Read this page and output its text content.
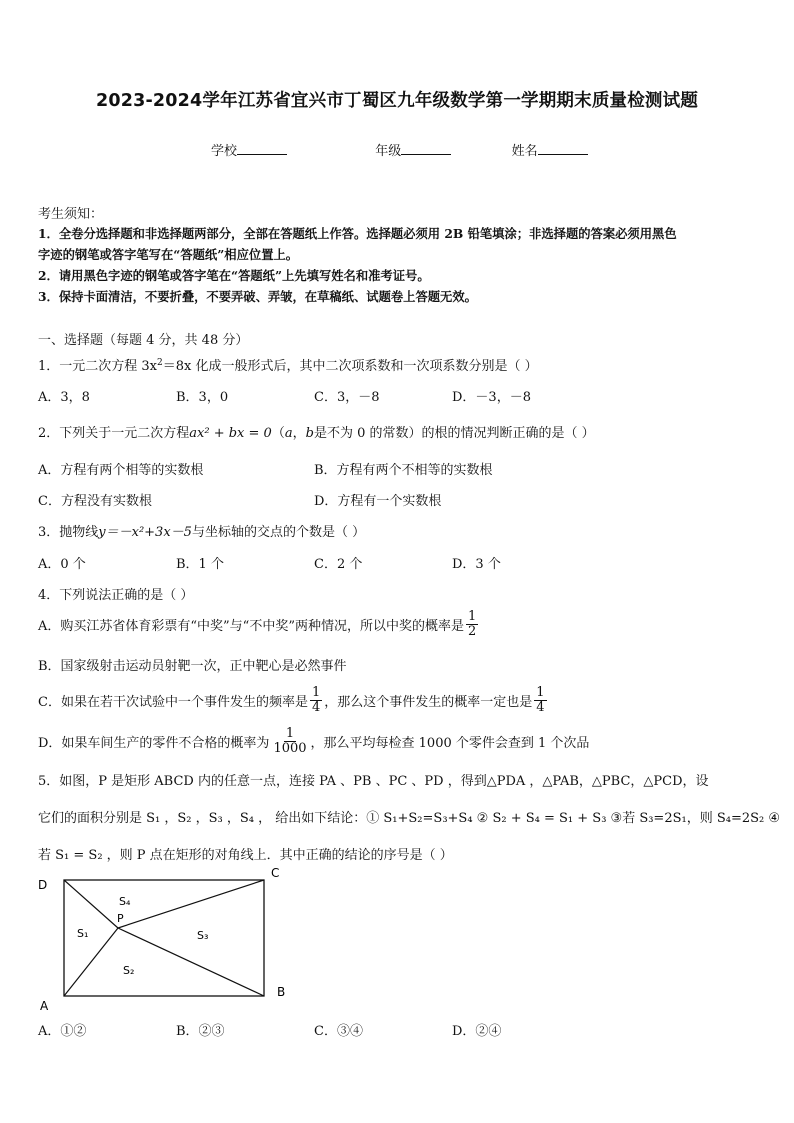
2023-2024学年江苏省宜兴市丁蜀区九年级数学第一学期期末质量检测试题
学校	年级	姓名
考生须知：
1．全卷分选择题和非选择题两部分，全部在答题纸上作答。选择题必须用 2B 铅笔填涂；非选择题的答案必须用黑色
字迹的钢笔或答字笔写在“答题纸”相应位置上。
2．请用黑色字迹的钢笔或答字笔在“答题纸”上先填写姓名和准考证号。
3．保持卡面清洁，不要折叠，不要弄破、弄皱，在草稿纸、试题卷上答题无效。
一、选择题（每题 4 分，共 48 分）
1．一元二次方程 $3x^2=8x$ 化成一般形式后，其中二次项系数和一次项系数分别是（ ）
A．3，8	B．3，0	C．3，－8	D．－3，－8
2．下列关于一元二次方程ax² + bx = 0（a，b是不为 0 的常数）的根的情况判断正确的是（ ）
A．方程有两个相等的实数根	B．方程有两个不相等的实数根
C．方程没有实数根	D．方程有一个实数根
3．抛物线y＝－x²+3x－5与坐标轴的交点的个数是（ ）
A．0 个	B．1 个	C．2 个	D．3 个
4．下列说法正确的是（ ）
A．购买江苏省体育彩票有“中奖”与“不中奖”两种情况，所以中奖的概率是 $\frac{1}{2}$
B．国家级射击运动员射靶一次，正中靶心是必然事件
C．如果在若干次试验中一个事件发生的频率是 $\frac{1}{4}$ ，那么这个事件发生的概率一定也是 $\frac{1}{4}$
D．如果车间生产的零件不合格的概率为 $\frac{1}{1000}$ ，那么平均每检查 1000 个零件会查到 1 个次品
5．如图，P 是矩形 ABCD 内的任意一点，连接 PA 、PB 、PC 、PD ，得到△PDA ，△PAB，△PBC，△PCD，设
它们的面积分别是 S₁ ，S₂ ，S₃ ，S₄ ， 给出如下结论：① S₁+S₂=S₃+S₄ ② S₂ + S₄ = S₁ + S₃ ③若 S₃=2S₁，则 S₄=2S₂ ④
若 S₁ = S₂ ，则 P 点在矩形的对角线上．其中正确的结论的序号是（ ）
D
C
A
B
P
S₄
S₁	S₃
S₂
A．①②	B．②③	C．③④	D．②④
